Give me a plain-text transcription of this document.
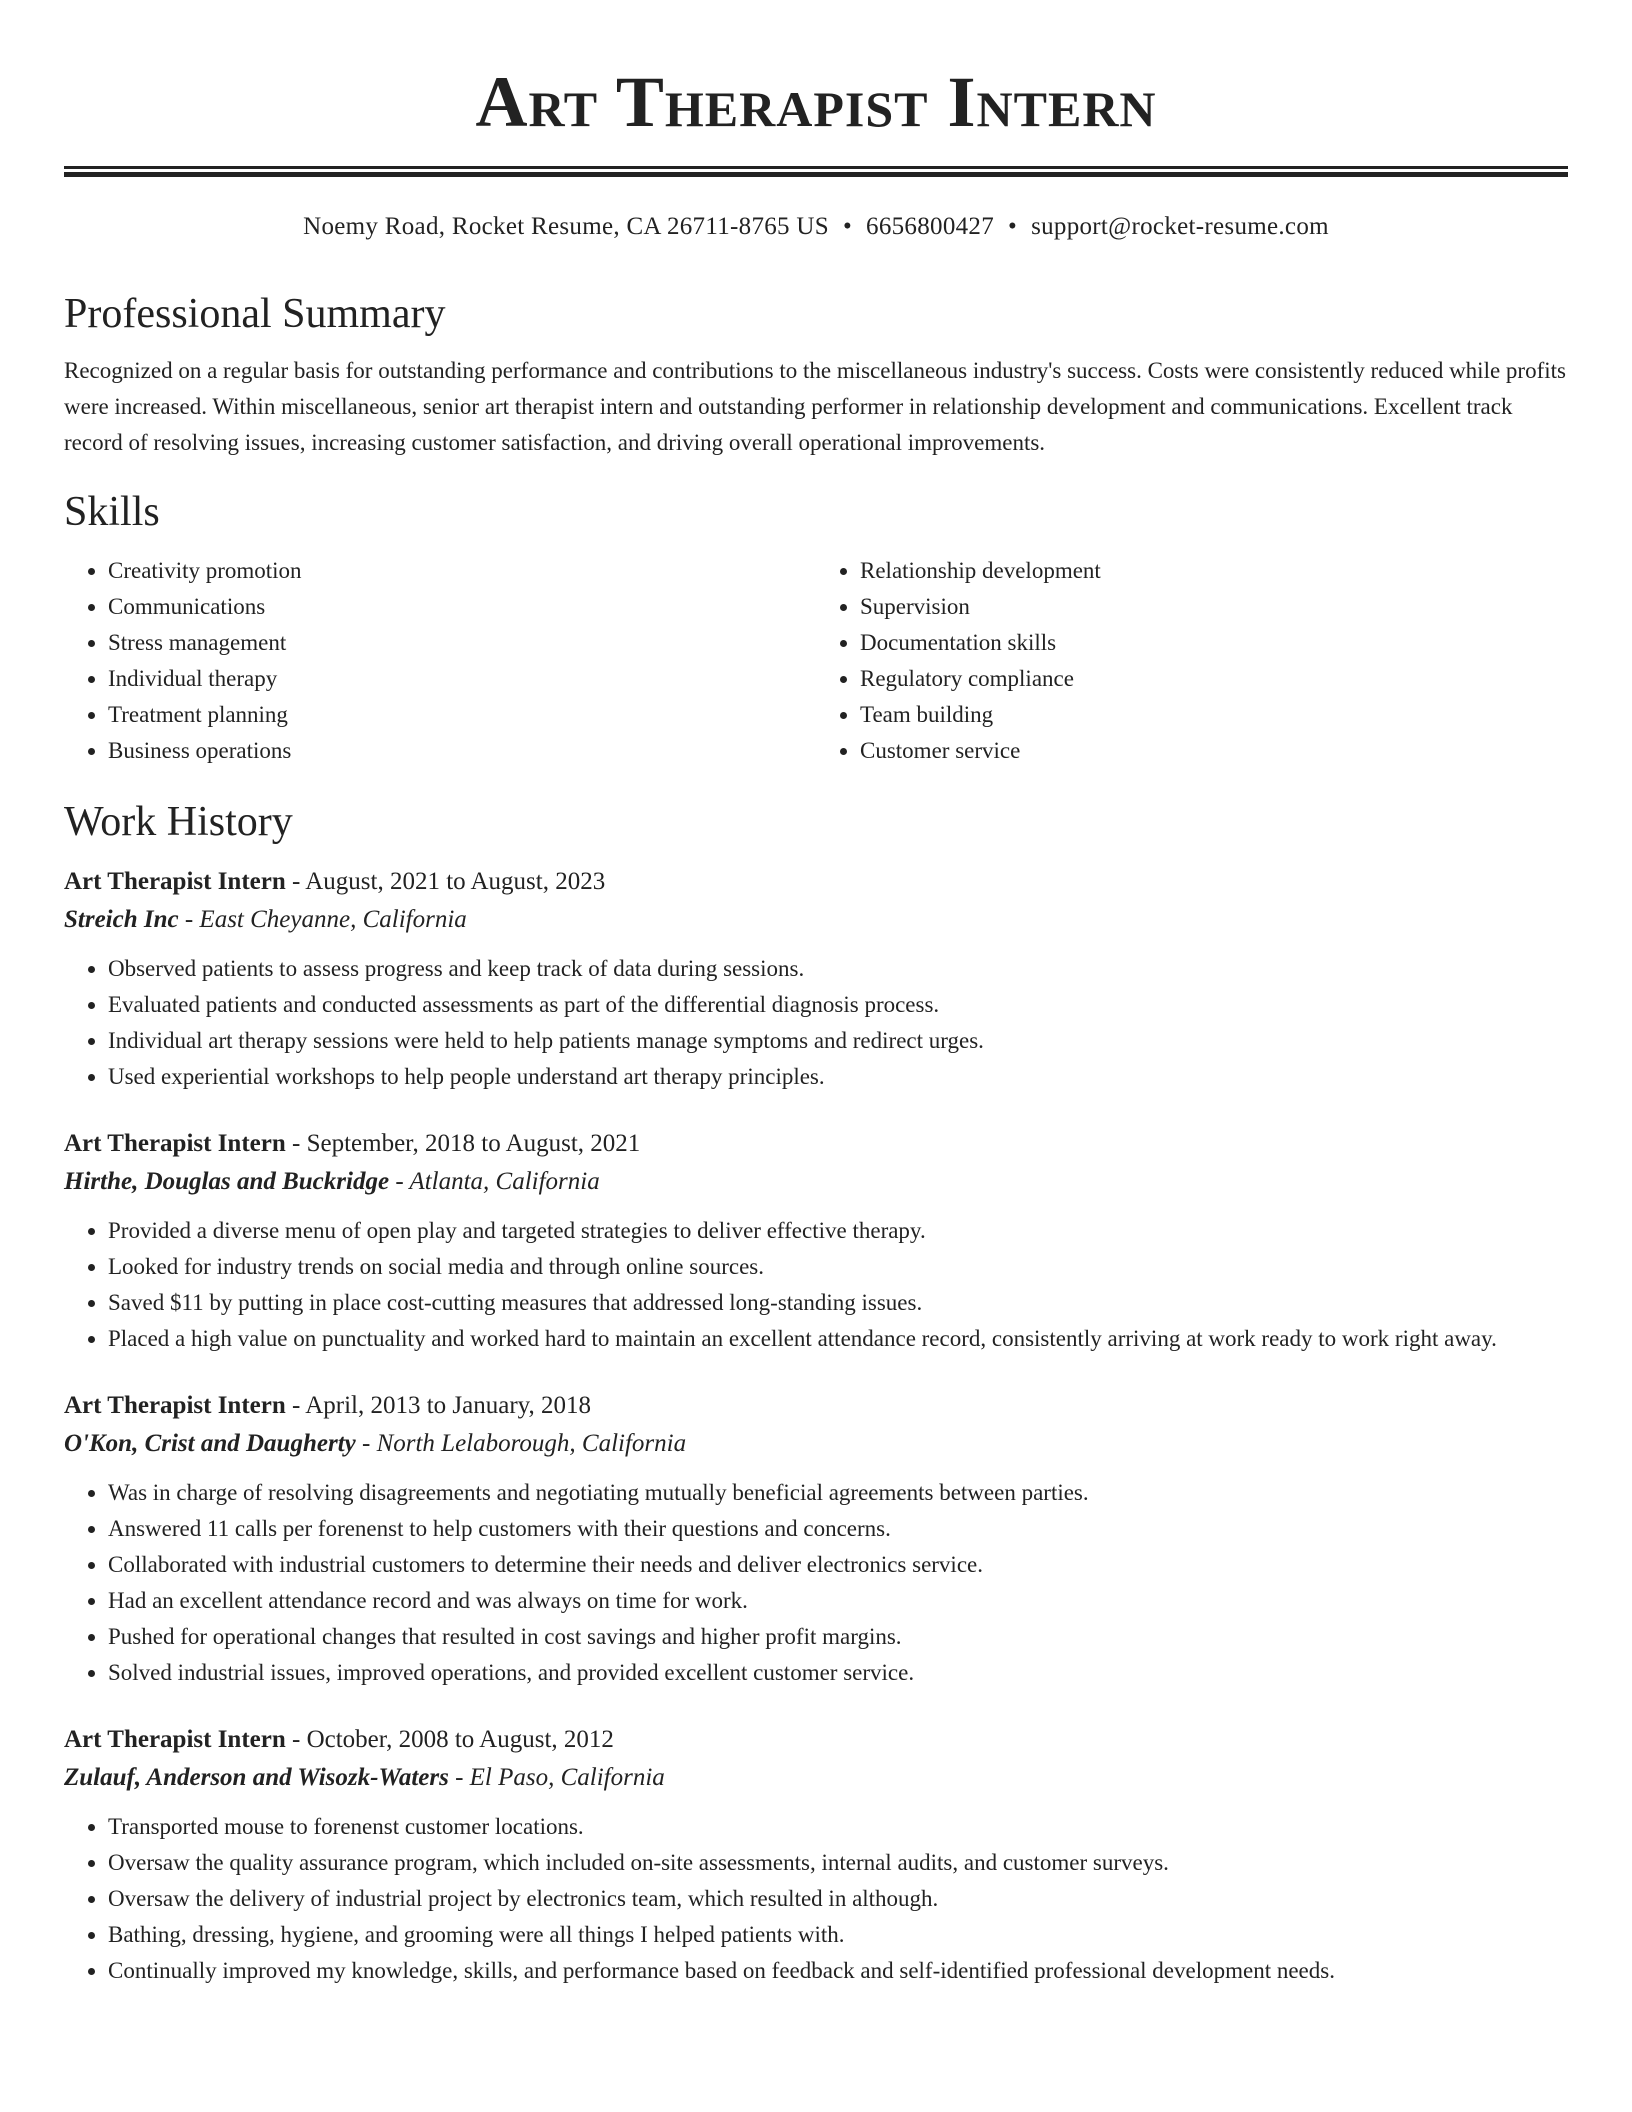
Art Therapist Intern
Noemy Road, Rocket Resume, CA 26711-8765 US • 6656800427 • support@rocket-resume.com
Professional Summary

Recognized on a regular basis for outstanding performance and contributions to the miscellaneous industry's success. Costs were consistently reduced while profits were increased. Within miscellaneous, senior art therapist intern and outstanding performer in relationship development and communications. Excellent track record of resolving issues, increasing customer satisfaction, and driving overall operational improvements.

Skills
• Creativity promotion
• Communications
• Stress management
• Individual therapy
• Treatment planning
• Business operations
• Relationship development
• Supervision
• Documentation skills
• Regulatory compliance
• Team building
• Customer service
Work History
Art Therapist Intern - August, 2021 to August, 2023
Streich Inc - East Cheyanne, California
• Observed patients to assess progress and keep track of data during sessions.
• Evaluated patients and conducted assessments as part of the differential diagnosis process.
• Individual art therapy sessions were held to help patients manage symptoms and redirect urges.
• Used experiential workshops to help people understand art therapy principles.
Art Therapist Intern - September, 2018 to August, 2021
Hirthe, Douglas and Buckridge - Atlanta, California
• Provided a diverse menu of open play and targeted strategies to deliver effective therapy.
• Looked for industry trends on social media and through online sources.
• Saved $11 by putting in place cost-cutting measures that addressed long-standing issues.
• Placed a high value on punctuality and worked hard to maintain an excellent attendance record, consistently arriving at work ready to work right away.
Art Therapist Intern - April, 2013 to January, 2018
O'Kon, Crist and Daugherty - North Lelaborough, California
• Was in charge of resolving disagreements and negotiating mutually beneficial agreements between parties.
• Answered 11 calls per forenenst to help customers with their questions and concerns.
• Collaborated with industrial customers to determine their needs and deliver electronics service.
• Had an excellent attendance record and was always on time for work.
• Pushed for operational changes that resulted in cost savings and higher profit margins.
• Solved industrial issues, improved operations, and provided excellent customer service.
Art Therapist Intern - October, 2008 to August, 2012
Zulauf, Anderson and Wisozk-Waters - El Paso, California
• Transported mouse to forenenst customer locations.
• Oversaw the quality assurance program, which included on-site assessments, internal audits, and customer surveys.
• Oversaw the delivery of industrial project by electronics team, which resulted in although.
• Bathing, dressing, hygiene, and grooming were all things I helped patients with.
• Continually improved my knowledge, skills, and performance based on feedback and self-identified professional development needs.
